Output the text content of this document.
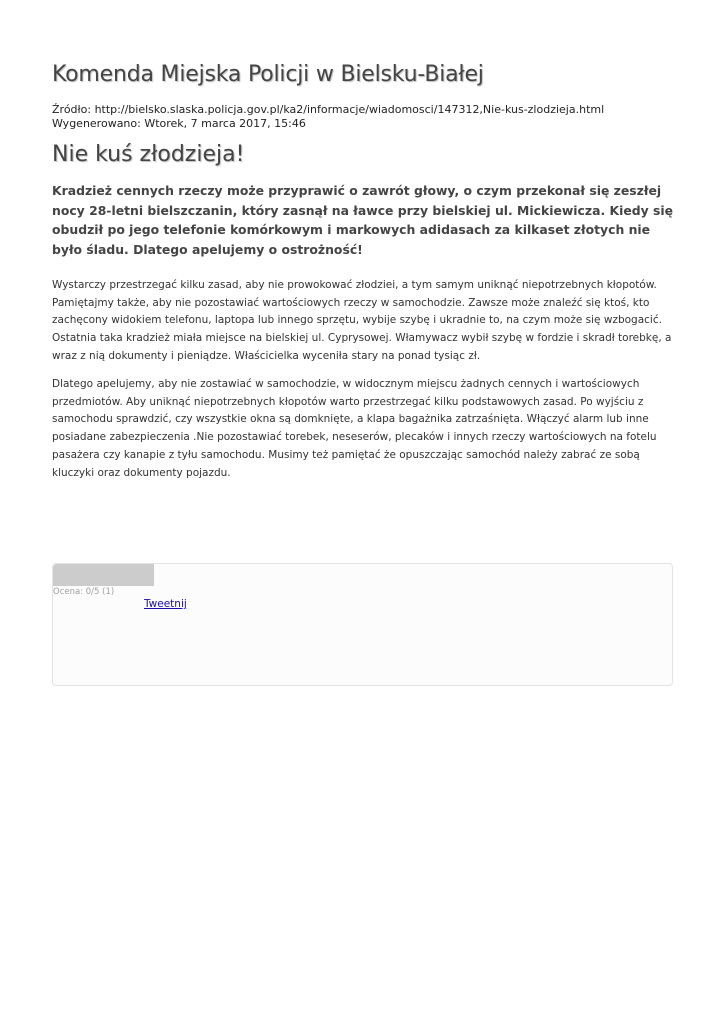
Komenda Miejska Policji w Bielsku-Białej
Źródło: http://bielsko.slaska.policja.gov.pl/ka2/informacje/wiadomosci/147312,Nie-kus-zlodzieja.html
Wygenerowano: Wtorek, 7 marca 2017, 15:46
Nie kuś złodzieja!

Kradzież cennych rzeczy może przyprawić o zawrót głowy, o czym przekonał się zeszłej nocy 28-letni bielszczanin, który zasnął na ławce przy bielskiej ul. Mickiewicza. Kiedy się obudził po jego telefonie komórkowym i markowych adidasach za kilkaset złotych nie było śladu. Dlatego apelujemy o ostrożność!

Wystarczy przestrzegać kilku zasad, aby nie prowokować złodziei, a tym samym uniknąć niepotrzebnych kłopotów. Pamiętajmy także, aby nie pozostawiać wartościowych rzeczy w samochodzie. Zawsze może znaleźć się ktoś, kto zachęcony widokiem telefonu, laptopa lub innego sprzętu, wybije szybę i ukradnie to, na czym może się wzbogacić. Ostatnia taka kradzież miała miejsce na bielskiej ul. Cyprysowej. Włamywacz wybił szybę w fordzie i skradł torebkę, a wraz z nią dokumenty i pieniądze. Właścicielka wyceniła stary na ponad tysiąc zł.

Dlatego apelujemy, aby nie zostawiać w samochodzie, w widocznym miejscu żadnych cennych i wartościowych przedmiotów. Aby uniknąć niepotrzebnych kłopotów warto przestrzegać kilku podstawowych zasad. Po wyjściu z samochodu sprawdzić, czy wszystkie okna są domknięte, a klapa bagażnika zatrzaśnięta. Włączyć alarm lub inne posiadane zabezpieczenia .Nie pozostawiać torebek, neseserów, plecaków i innych rzeczy wartościowych na fotelu pasażera czy kanapie z tyłu samochodu. Musimy też pamiętać że opuszczając samochód należy zabrać ze sobą kluczyki oraz dokumenty pojazdu.

Ocena: 0/5 (1)
Tweetnij
